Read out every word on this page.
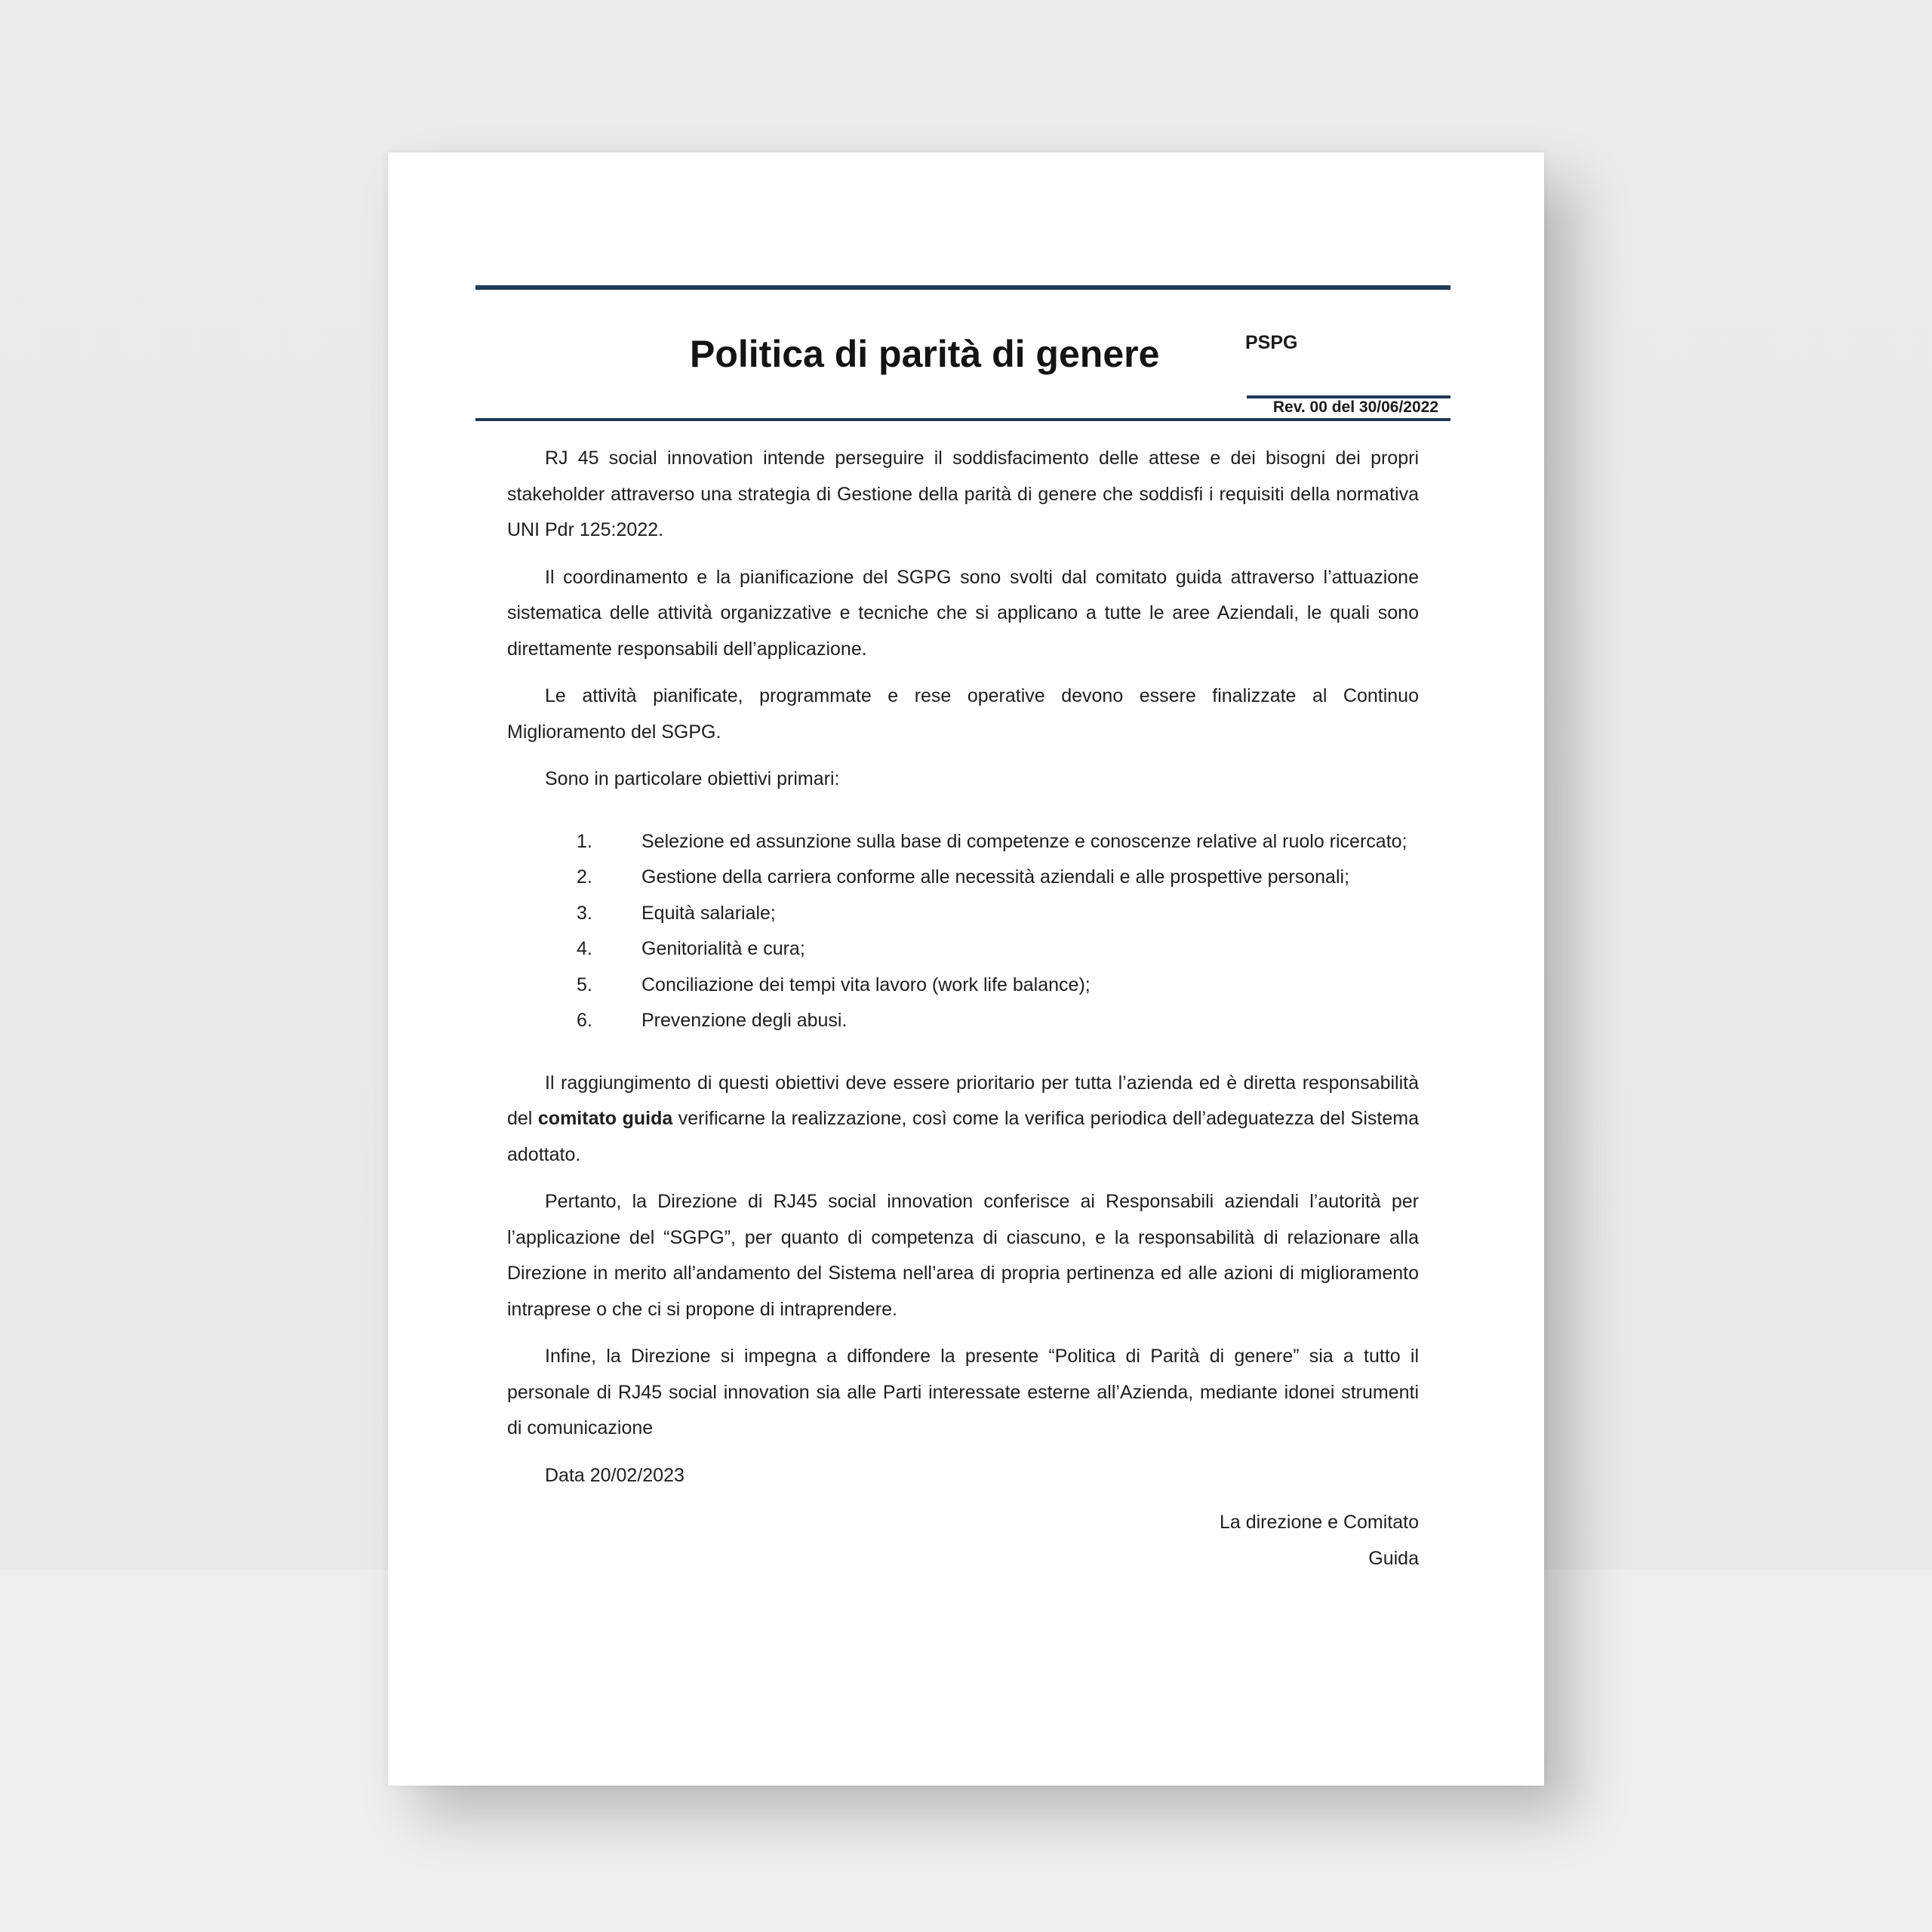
Politica di parità di genere	PSPG
Rev. 00 del 30/06/2022

RJ 45 social innovation intende perseguire il soddisfacimento delle attese e dei bisogni dei propri stakeholder attraverso una strategia di Gestione della parità di genere che soddisfi i requisiti della normativa UNI Pdr 125:2022.

Il coordinamento e la pianificazione del SGPG sono svolti dal comitato guida attraverso l’attuazione sistematica delle attività organizzative e tecniche che si applicano a tutte le aree Aziendali, le quali sono direttamente responsabili dell’applicazione.

Le attività pianificate, programmate e rese operative devono essere finalizzate al Continuo Miglioramento del SGPG.

Sono in particolare obiettivi primari:

1.	Selezione ed assunzione sulla base di competenze e conoscenze relative al ruolo ricercato;
2.	Gestione della carriera conforme alle necessità aziendali e alle prospettive personali;
3.	Equità salariale;
4.	Genitorialità e cura;
5.	Conciliazione dei tempi vita lavoro (work life balance);
6.	Prevenzione degli abusi.

Il raggiungimento di questi obiettivi deve essere prioritario per tutta l’azienda ed è diretta responsabilità del comitato guida verificarne la realizzazione, così come la verifica periodica dell’adeguatezza del Sistema adottato.

Pertanto, la Direzione di RJ45 social innovation conferisce ai Responsabili aziendali l’autorità per l’applicazione del “SGPG”, per quanto di competenza di ciascuno, e la responsabilità di relazionare alla Direzione in merito all’andamento del Sistema nell’area di propria pertinenza ed alle azioni di miglioramento intraprese o che ci si propone di intraprendere.

Infine, la Direzione si impegna a diffondere la presente “Politica di Parità di genere” sia a tutto il personale di RJ45 social innovation sia alle Parti interessate esterne all’Azienda, mediante idonei strumenti di comunicazione

Data 20/02/2023

La direzione e Comitato
Guida
